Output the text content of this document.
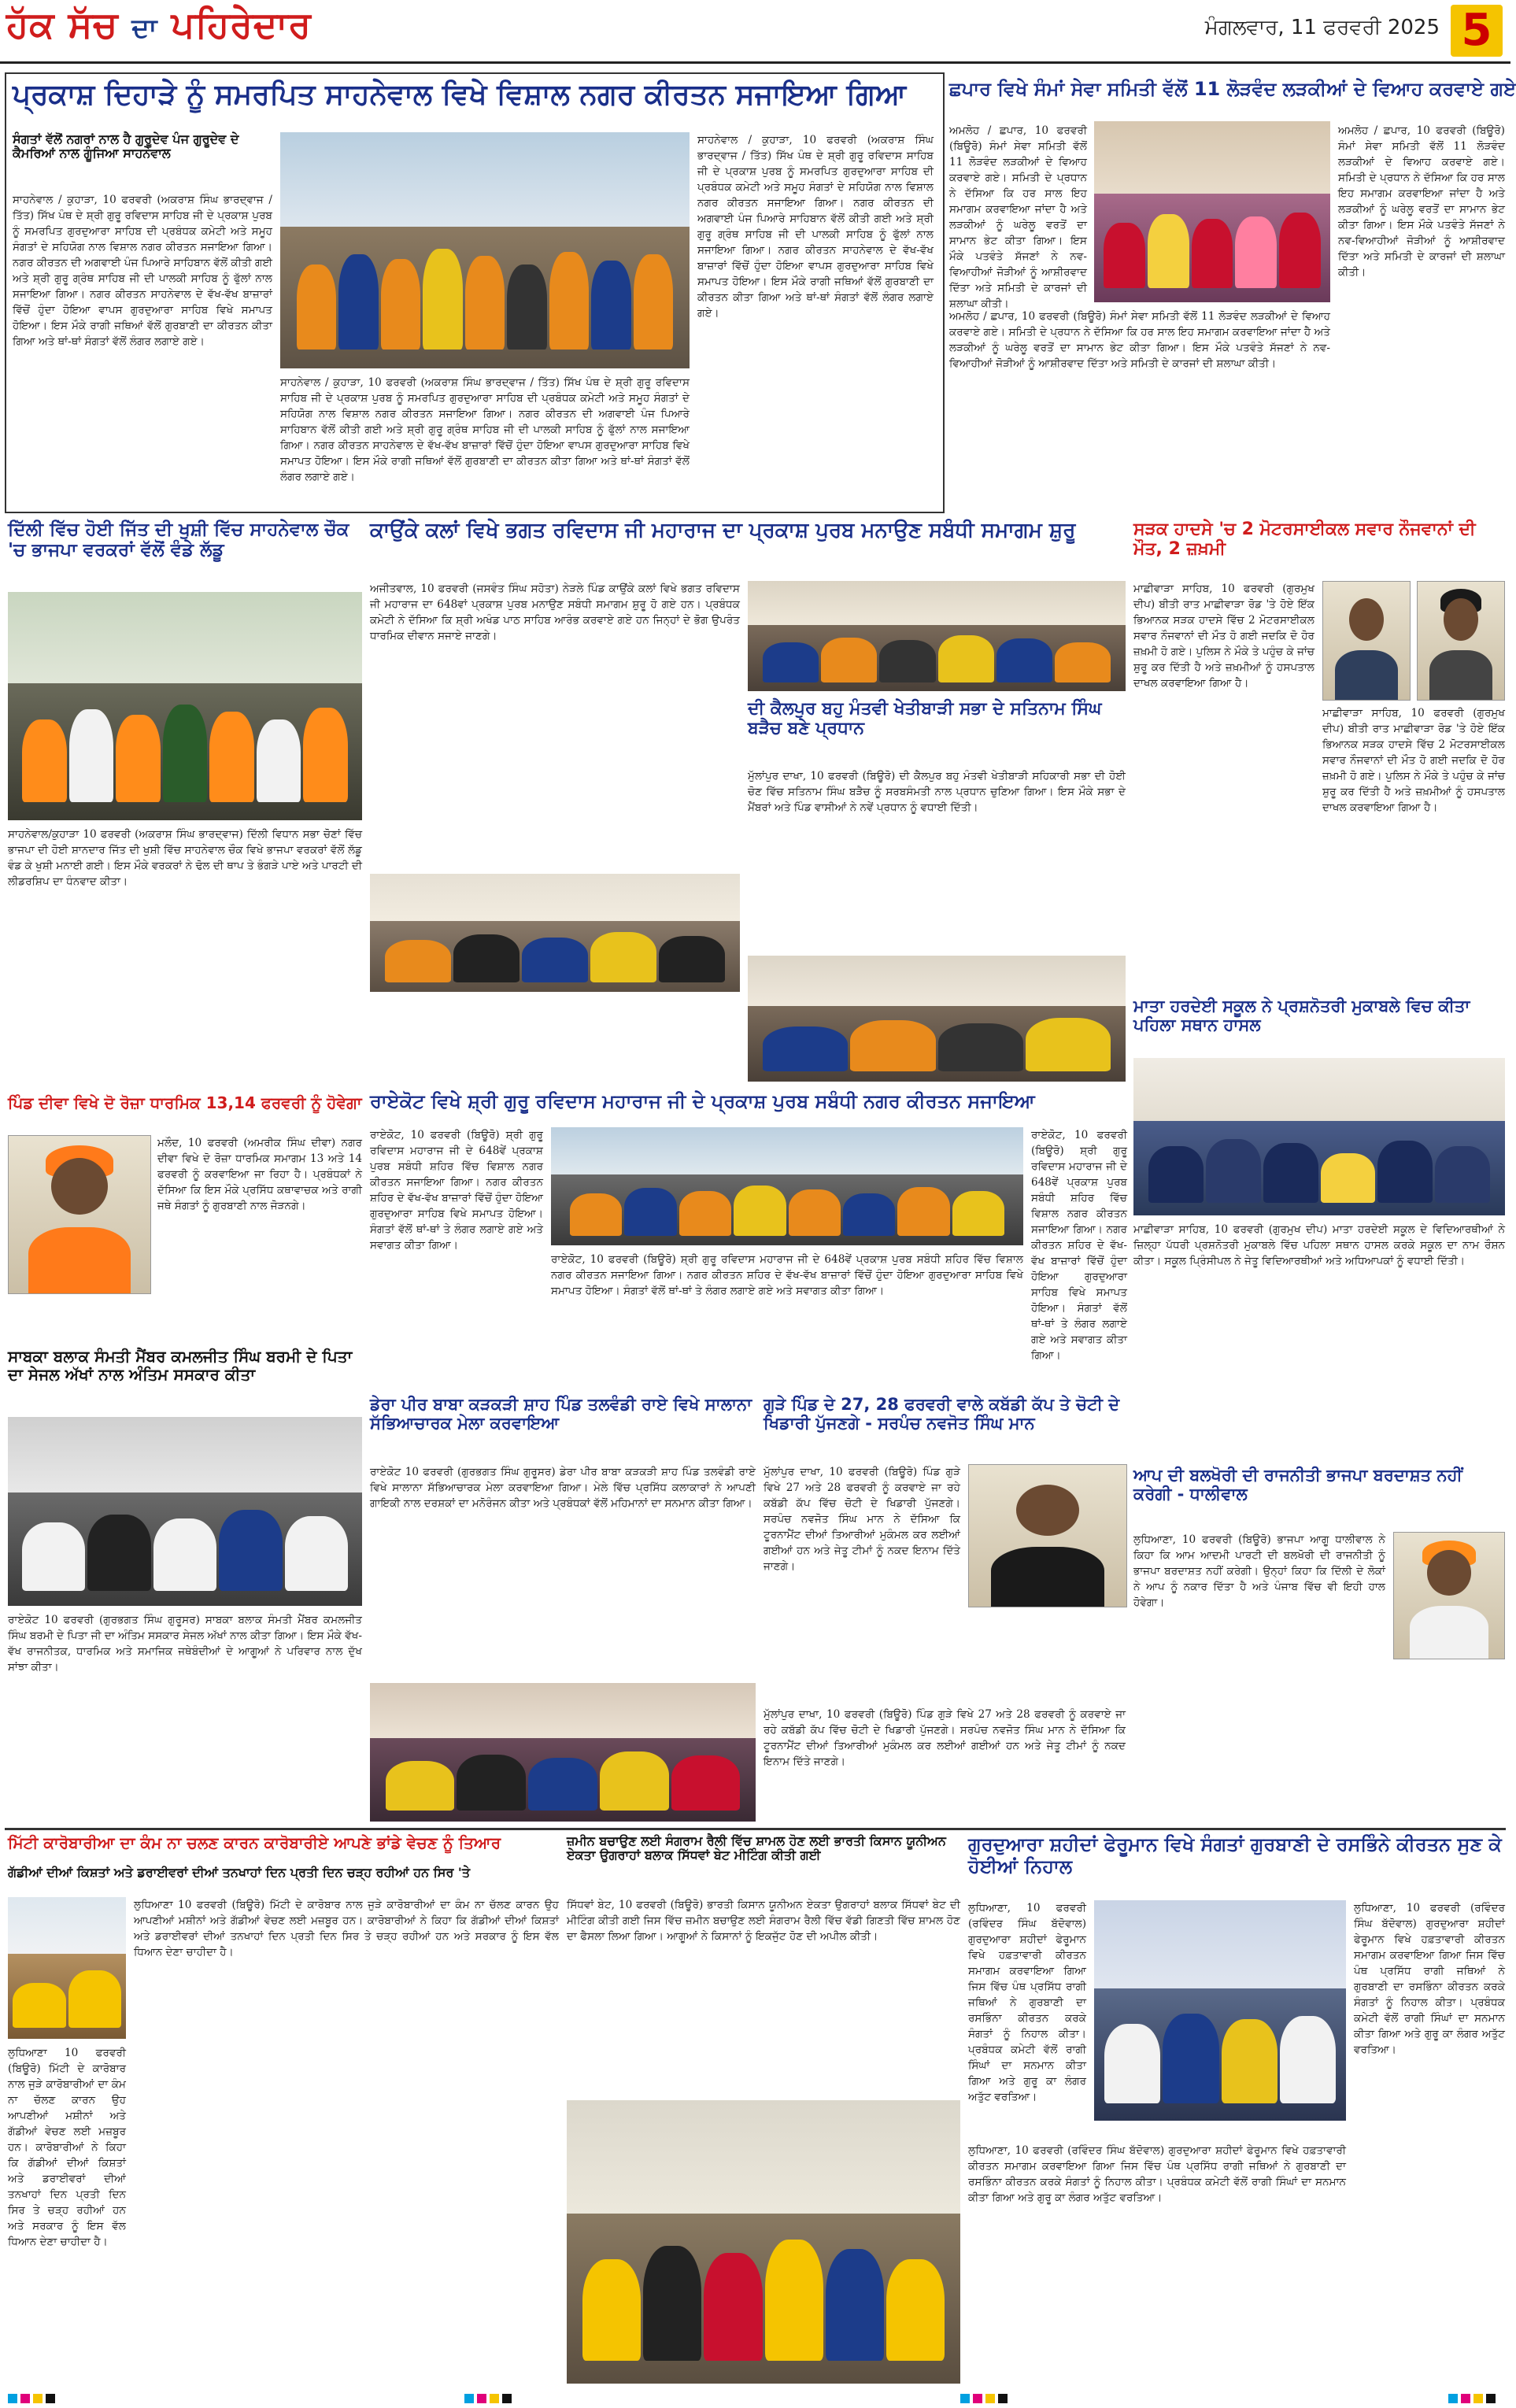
ਹੱਕ ਸੱਚ ਦਾ ਪਹਿਰੇਦਾਰ	ਮੰਗਲਵਾਰ, 11 ਫਰਵਰੀ 2025 5
ਪ੍ਰਕਾਸ਼ ਦਿਹਾੜੇ ਨੂੰ ਸਮਰਪਿਤ ਸਾਹਨੇਵਾਲ ਵਿਖੇ ਵਿਸ਼ਾਲ ਨਗਰ ਕੀਰਤਨ ਸਜਾਇਆ ਗਿਆ
ਸੰਗਤਾਂ ਵੱਲੋਂ ਨਗਰਾਂ ਨਾਲ ਹੈ ਗੁਰੂਦੇਵ ਪੰਜ ਗੁਰੂਦੇਵ ਦੇ ਕੈਮਰਿਆਂ ਨਾਲ ਗੂੰਜਿਆ ਸਾਹਨੇਵਾਲ
ਸਾਹਨੇਵਾਲ / ਕੁਹਾੜਾ, 10 ਫਰਵਰੀ (ਅਕਰਾਸ਼ ਸਿੰਘ ਭਾਰਦ੍ਵਾਜ / ਤਿੱਤ) ਸਿੱਖ ਪੰਥ ਦੇ ਸ਼੍ਰੀ ਗੁਰੂ ਰਵਿਦਾਸ ਸਾਹਿਬ ਜੀ ਦੇ ਪ੍ਰਕਾਸ਼ ਪੁਰਬ ਨੂੰ ਸਮਰਪਿਤ ਗੁਰਦੁਆਰਾ ਸਾਹਿਬ ਦੀ ਪ੍ਰਬੰਧਕ ਕਮੇਟੀ ਅਤੇ ਸਮੂਹ ਸੰਗਤਾਂ ਦੇ ਸਹਿਯੋਗ ਨਾਲ ਵਿਸ਼ਾਲ ਨਗਰ ਕੀਰਤਨ ਸਜਾਇਆ ਗਿਆ। ਨਗਰ ਕੀਰਤਨ ਦੀ ਅਗਵਾਈ ਪੰਜ ਪਿਆਰੇ ਸਾਹਿਬਾਨ ਵੱਲੋਂ ਕੀਤੀ ਗਈ ਅਤੇ ਸ਼੍ਰੀ ਗੁਰੂ ਗ੍ਰੰਥ ਸਾਹਿਬ ਜੀ ਦੀ ਪਾਲਕੀ ਸਾਹਿਬ ਨੂੰ ਫੁੱਲਾਂ ਨਾਲ ਸਜਾਇਆ ਗਿਆ। ਨਗਰ ਕੀਰਤਨ ਸਾਹਨੇਵਾਲ ਦੇ ਵੱਖ-ਵੱਖ ਬਾਜ਼ਾਰਾਂ ਵਿੱਚੋਂ ਹੁੰਦਾ ਹੋਇਆ ਵਾਪਸ ਗੁਰਦੁਆਰਾ ਸਾਹਿਬ ਵਿਖੇ ਸਮਾਪਤ ਹੋਇਆ। ਇਸ ਮੌਕੇ ਰਾਗੀ ਜਥਿਆਂ ਵੱਲੋਂ ਗੁਰਬਾਣੀ ਦਾ ਕੀਰਤਨ ਕੀਤਾ ਗਿਆ ਅਤੇ ਥਾਂ-ਥਾਂ ਸੰਗਤਾਂ ਵੱਲੋਂ ਲੰਗਰ ਲਗਾਏ ਗਏ।
ਸਾਹਨੇਵਾਲ / ਕੁਹਾੜਾ, 10 ਫਰਵਰੀ (ਅਕਰਾਸ਼ ਸਿੰਘ ਭਾਰਦ੍ਵਾਜ / ਤਿੱਤ) ਸਿੱਖ ਪੰਥ ਦੇ ਸ਼੍ਰੀ ਗੁਰੂ ਰਵਿਦਾਸ ਸਾਹਿਬ ਜੀ ਦੇ ਪ੍ਰਕਾਸ਼ ਪੁਰਬ ਨੂੰ ਸਮਰਪਿਤ ਗੁਰਦੁਆਰਾ ਸਾਹਿਬ ਦੀ ਪ੍ਰਬੰਧਕ ਕਮੇਟੀ ਅਤੇ ਸਮੂਹ ਸੰਗਤਾਂ ਦੇ ਸਹਿਯੋਗ ਨਾਲ ਵਿਸ਼ਾਲ ਨਗਰ ਕੀਰਤਨ ਸਜਾਇਆ ਗਿਆ। ਨਗਰ ਕੀਰਤਨ ਦੀ ਅਗਵਾਈ ਪੰਜ ਪਿਆਰੇ ਸਾਹਿਬਾਨ ਵੱਲੋਂ ਕੀਤੀ ਗਈ ਅਤੇ ਸ਼੍ਰੀ ਗੁਰੂ ਗ੍ਰੰਥ ਸਾਹਿਬ ਜੀ ਦੀ ਪਾਲਕੀ ਸਾਹਿਬ ਨੂੰ ਫੁੱਲਾਂ ਨਾਲ ਸਜਾਇਆ ਗਿਆ। ਨਗਰ ਕੀਰਤਨ ਸਾਹਨੇਵਾਲ ਦੇ ਵੱਖ-ਵੱਖ ਬਾਜ਼ਾਰਾਂ ਵਿੱਚੋਂ ਹੁੰਦਾ ਹੋਇਆ ਵਾਪਸ ਗੁਰਦੁਆਰਾ ਸਾਹਿਬ ਵਿਖੇ ਸਮਾਪਤ ਹੋਇਆ। ਇਸ ਮੌਕੇ ਰਾਗੀ ਜਥਿਆਂ ਵੱਲੋਂ ਗੁਰਬਾਣੀ ਦਾ ਕੀਰਤਨ ਕੀਤਾ ਗਿਆ ਅਤੇ ਥਾਂ-ਥਾਂ ਸੰਗਤਾਂ ਵੱਲੋਂ ਲੰਗਰ ਲਗਾਏ ਗਏ।
ਸਾਹਨੇਵਾਲ / ਕੁਹਾੜਾ, 10 ਫਰਵਰੀ (ਅਕਰਾਸ਼ ਸਿੰਘ ਭਾਰਦ੍ਵਾਜ / ਤਿੱਤ) ਸਿੱਖ ਪੰਥ ਦੇ ਸ਼੍ਰੀ ਗੁਰੂ ਰਵਿਦਾਸ ਸਾਹਿਬ ਜੀ ਦੇ ਪ੍ਰਕਾਸ਼ ਪੁਰਬ ਨੂੰ ਸਮਰਪਿਤ ਗੁਰਦੁਆਰਾ ਸਾਹਿਬ ਦੀ ਪ੍ਰਬੰਧਕ ਕਮੇਟੀ ਅਤੇ ਸਮੂਹ ਸੰਗਤਾਂ ਦੇ ਸਹਿਯੋਗ ਨਾਲ ਵਿਸ਼ਾਲ ਨਗਰ ਕੀਰਤਨ ਸਜਾਇਆ ਗਿਆ। ਨਗਰ ਕੀਰਤਨ ਦੀ ਅਗਵਾਈ ਪੰਜ ਪਿਆਰੇ ਸਾਹਿਬਾਨ ਵੱਲੋਂ ਕੀਤੀ ਗਈ ਅਤੇ ਸ਼੍ਰੀ ਗੁਰੂ ਗ੍ਰੰਥ ਸਾਹਿਬ ਜੀ ਦੀ ਪਾਲਕੀ ਸਾਹਿਬ ਨੂੰ ਫੁੱਲਾਂ ਨਾਲ ਸਜਾਇਆ ਗਿਆ। ਨਗਰ ਕੀਰਤਨ ਸਾਹਨੇਵਾਲ ਦੇ ਵੱਖ-ਵੱਖ ਬਾਜ਼ਾਰਾਂ ਵਿੱਚੋਂ ਹੁੰਦਾ ਹੋਇਆ ਵਾਪਸ ਗੁਰਦੁਆਰਾ ਸਾਹਿਬ ਵਿਖੇ ਸਮਾਪਤ ਹੋਇਆ। ਇਸ ਮੌਕੇ ਰਾਗੀ ਜਥਿਆਂ ਵੱਲੋਂ ਗੁਰਬਾਣੀ ਦਾ ਕੀਰਤਨ ਕੀਤਾ ਗਿਆ ਅਤੇ ਥਾਂ-ਥਾਂ ਸੰਗਤਾਂ ਵੱਲੋਂ ਲੰਗਰ ਲਗਾਏ ਗਏ।
ਛਪਾਰ ਵਿਖੇ ਸੰਮਾਂ ਸੇਵਾ ਸਮਿਤੀ ਵੱਲੋਂ 11 ਲੋੜਵੰਦ ਲੜਕੀਆਂ ਦੇ ਵਿਆਹ ਕਰਵਾਏ ਗਏ
ਅਮਲੋਹ / ਛਪਾਰ, 10 ਫਰਵਰੀ (ਬਿਊਰੋ) ਸੰਮਾਂ ਸੇਵਾ ਸਮਿਤੀ ਵੱਲੋਂ 11 ਲੋੜਵੰਦ ਲੜਕੀਆਂ ਦੇ ਵਿਆਹ ਕਰਵਾਏ ਗਏ। ਸਮਿਤੀ ਦੇ ਪ੍ਰਧਾਨ ਨੇ ਦੱਸਿਆ ਕਿ ਹਰ ਸਾਲ ਇਹ ਸਮਾਗਮ ਕਰਵਾਇਆ ਜਾਂਦਾ ਹੈ ਅਤੇ ਲੜਕੀਆਂ ਨੂੰ ਘਰੇਲੂ ਵਰਤੋਂ ਦਾ ਸਾਮਾਨ ਭੇਟ ਕੀਤਾ ਗਿਆ। ਇਸ ਮੌਕੇ ਪਤਵੰਤੇ ਸੱਜਣਾਂ ਨੇ ਨਵ-ਵਿਆਹੀਆਂ ਜੋੜੀਆਂ ਨੂੰ ਆਸ਼ੀਰਵਾਦ ਦਿੱਤਾ ਅਤੇ ਸਮਿਤੀ ਦੇ ਕਾਰਜਾਂ ਦੀ ਸ਼ਲਾਘਾ ਕੀਤੀ।
ਅਮਲੋਹ / ਛਪਾਰ, 10 ਫਰਵਰੀ (ਬਿਊਰੋ) ਸੰਮਾਂ ਸੇਵਾ ਸਮਿਤੀ ਵੱਲੋਂ 11 ਲੋੜਵੰਦ ਲੜਕੀਆਂ ਦੇ ਵਿਆਹ ਕਰਵਾਏ ਗਏ। ਸਮਿਤੀ ਦੇ ਪ੍ਰਧਾਨ ਨੇ ਦੱਸਿਆ ਕਿ ਹਰ ਸਾਲ ਇਹ ਸਮਾਗਮ ਕਰਵਾਇਆ ਜਾਂਦਾ ਹੈ ਅਤੇ ਲੜਕੀਆਂ ਨੂੰ ਘਰੇਲੂ ਵਰਤੋਂ ਦਾ ਸਾਮਾਨ ਭੇਟ ਕੀਤਾ ਗਿਆ। ਇਸ ਮੌਕੇ ਪਤਵੰਤੇ ਸੱਜਣਾਂ ਨੇ ਨਵ-ਵਿਆਹੀਆਂ ਜੋੜੀਆਂ ਨੂੰ ਆਸ਼ੀਰਵਾਦ ਦਿੱਤਾ ਅਤੇ ਸਮਿਤੀ ਦੇ ਕਾਰਜਾਂ ਦੀ ਸ਼ਲਾਘਾ ਕੀਤੀ।
ਅਮਲੋਹ / ਛਪਾਰ, 10 ਫਰਵਰੀ (ਬਿਊਰੋ) ਸੰਮਾਂ ਸੇਵਾ ਸਮਿਤੀ ਵੱਲੋਂ 11 ਲੋੜਵੰਦ ਲੜਕੀਆਂ ਦੇ ਵਿਆਹ ਕਰਵਾਏ ਗਏ। ਸਮਿਤੀ ਦੇ ਪ੍ਰਧਾਨ ਨੇ ਦੱਸਿਆ ਕਿ ਹਰ ਸਾਲ ਇਹ ਸਮਾਗਮ ਕਰਵਾਇਆ ਜਾਂਦਾ ਹੈ ਅਤੇ ਲੜਕੀਆਂ ਨੂੰ ਘਰੇਲੂ ਵਰਤੋਂ ਦਾ ਸਾਮਾਨ ਭੇਟ ਕੀਤਾ ਗਿਆ। ਇਸ ਮੌਕੇ ਪਤਵੰਤੇ ਸੱਜਣਾਂ ਨੇ ਨਵ-ਵਿਆਹੀਆਂ ਜੋੜੀਆਂ ਨੂੰ ਆਸ਼ੀਰਵਾਦ ਦਿੱਤਾ ਅਤੇ ਸਮਿਤੀ ਦੇ ਕਾਰਜਾਂ ਦੀ ਸ਼ਲਾਘਾ ਕੀਤੀ।
ਦਿੱਲੀ ਵਿੱਚ ਹੋਈ ਜਿੱਤ ਦੀ ਖੁਸ਼ੀ ਵਿੱਚ ਸਾਹਨੇਵਾਲ ਚੌਕ 'ਚ ਭਾਜਪਾ ਵਰਕਰਾਂ ਵੱਲੋਂ ਵੰਡੇ ਲੱਡੂ
ਸਾਹਨੇਵਾਲ/ਕੁਹਾੜਾ 10 ਫਰਵਰੀ (ਅਕਰਾਸ਼ ਸਿੰਘ ਭਾਰਦ੍ਵਾਜ) ਦਿੱਲੀ ਵਿਧਾਨ ਸਭਾ ਚੋਣਾਂ ਵਿੱਚ ਭਾਜਪਾ ਦੀ ਹੋਈ ਸ਼ਾਨਦਾਰ ਜਿੱਤ ਦੀ ਖੁਸ਼ੀ ਵਿੱਚ ਸਾਹਨੇਵਾਲ ਚੌਕ ਵਿਖੇ ਭਾਜਪਾ ਵਰਕਰਾਂ ਵੱਲੋਂ ਲੱਡੂ ਵੰਡ ਕੇ ਖੁਸ਼ੀ ਮਨਾਈ ਗਈ। ਇਸ ਮੌਕੇ ਵਰਕਰਾਂ ਨੇ ਢੋਲ ਦੀ ਥਾਪ ਤੇ ਭੰਗੜੇ ਪਾਏ ਅਤੇ ਪਾਰਟੀ ਦੀ ਲੀਡਰਸ਼ਿਪ ਦਾ ਧੰਨਵਾਦ ਕੀਤਾ।
ਕਾਉਂਕੇ ਕਲਾਂ ਵਿਖੇ ਭਗਤ ਰਵਿਦਾਸ ਜੀ ਮਹਾਰਾਜ ਦਾ ਪ੍ਰਕਾਸ਼ ਪੁਰਬ ਮਨਾਉਣ ਸਬੰਧੀ ਸਮਾਗਮ ਸ਼ੁਰੂ
ਅਜੀਤਵਾਲ, 10 ਫਰਵਰੀ (ਜਸਵੰਤ ਸਿੰਘ ਸਹੋਤਾ) ਨੇੜਲੇ ਪਿੰਡ ਕਾਉਂਕੇ ਕਲਾਂ ਵਿਖੇ ਭਗਤ ਰਵਿਦਾਸ ਜੀ ਮਹਾਰਾਜ ਦਾ 648ਵਾਂ ਪ੍ਰਕਾਸ਼ ਪੁਰਬ ਮਨਾਉਣ ਸਬੰਧੀ ਸਮਾਗਮ ਸ਼ੁਰੂ ਹੋ ਗਏ ਹਨ। ਪ੍ਰਬੰਧਕ ਕਮੇਟੀ ਨੇ ਦੱਸਿਆ ਕਿ ਸ਼੍ਰੀ ਅਖੰਡ ਪਾਠ ਸਾਹਿਬ ਆਰੰਭ ਕਰਵਾਏ ਗਏ ਹਨ ਜਿਨ੍ਹਾਂ ਦੇ ਭੋਗ ਉਪਰੰਤ ਧਾਰਮਿਕ ਦੀਵਾਨ ਸਜਾਏ ਜਾਣਗੇ।
ਦੀ ਕੈਲਪੁਰ ਬਹੁ ਮੰਤਵੀ ਖੇਤੀਬਾੜੀ ਸਭਾ ਦੇ ਸਤਿਨਾਮ ਸਿੰਘ ਬੜੈਚ ਬਣੇ ਪ੍ਰਧਾਨ
ਮੁੱਲਾਂਪੁਰ ਦਾਖਾ, 10 ਫਰਵਰੀ (ਬਿਊਰੋ) ਦੀ ਕੈਲਪੁਰ ਬਹੁ ਮੰਤਵੀ ਖੇਤੀਬਾੜੀ ਸਹਿਕਾਰੀ ਸਭਾ ਦੀ ਹੋਈ ਚੋਣ ਵਿੱਚ ਸਤਿਨਾਮ ਸਿੰਘ ਬੜੈਚ ਨੂੰ ਸਰਬਸੰਮਤੀ ਨਾਲ ਪ੍ਰਧਾਨ ਚੁਣਿਆ ਗਿਆ। ਇਸ ਮੌਕੇ ਸਭਾ ਦੇ ਮੈਂਬਰਾਂ ਅਤੇ ਪਿੰਡ ਵਾਸੀਆਂ ਨੇ ਨਵੇਂ ਪ੍ਰਧਾਨ ਨੂੰ ਵਧਾਈ ਦਿੱਤੀ।
ਸੜਕ ਹਾਦਸੇ 'ਚ 2 ਮੋਟਰਸਾਈਕਲ ਸਵਾਰ ਨੌਜਵਾਨਾਂ ਦੀ ਮੌਤ, 2 ਜ਼ਖ਼ਮੀ
ਮਾਛੀਵਾੜਾ ਸਾਹਿਬ, 10 ਫਰਵਰੀ (ਗੁਰਮੁਖ ਦੀਪ) ਬੀਤੀ ਰਾਤ ਮਾਛੀਵਾੜਾ ਰੋਡ 'ਤੇ ਹੋਏ ਇੱਕ ਭਿਆਨਕ ਸੜਕ ਹਾਦਸੇ ਵਿੱਚ 2 ਮੋਟਰਸਾਈਕਲ ਸਵਾਰ ਨੌਜਵਾਨਾਂ ਦੀ ਮੌਤ ਹੋ ਗਈ ਜਦਕਿ ਦੋ ਹੋਰ ਜ਼ਖ਼ਮੀ ਹੋ ਗਏ। ਪੁਲਿਸ ਨੇ ਮੌਕੇ ਤੇ ਪਹੁੰਚ ਕੇ ਜਾਂਚ ਸ਼ੁਰੂ ਕਰ ਦਿੱਤੀ ਹੈ ਅਤੇ ਜ਼ਖ਼ਮੀਆਂ ਨੂੰ ਹਸਪਤਾਲ ਦਾਖਲ ਕਰਵਾਇਆ ਗਿਆ ਹੈ।
ਮਾਛੀਵਾੜਾ ਸਾਹਿਬ, 10 ਫਰਵਰੀ (ਗੁਰਮੁਖ ਦੀਪ) ਬੀਤੀ ਰਾਤ ਮਾਛੀਵਾੜਾ ਰੋਡ 'ਤੇ ਹੋਏ ਇੱਕ ਭਿਆਨਕ ਸੜਕ ਹਾਦਸੇ ਵਿੱਚ 2 ਮੋਟਰਸਾਈਕਲ ਸਵਾਰ ਨੌਜਵਾਨਾਂ ਦੀ ਮੌਤ ਹੋ ਗਈ ਜਦਕਿ ਦੋ ਹੋਰ ਜ਼ਖ਼ਮੀ ਹੋ ਗਏ। ਪੁਲਿਸ ਨੇ ਮੌਕੇ ਤੇ ਪਹੁੰਚ ਕੇ ਜਾਂਚ ਸ਼ੁਰੂ ਕਰ ਦਿੱਤੀ ਹੈ ਅਤੇ ਜ਼ਖ਼ਮੀਆਂ ਨੂੰ ਹਸਪਤਾਲ ਦਾਖਲ ਕਰਵਾਇਆ ਗਿਆ ਹੈ।
ਮਾਤਾ ਹਰਦੇਈ ਸਕੂਲ ਨੇ ਪ੍ਰਸ਼ਨੋਤਰੀ ਮੁਕਾਬਲੇ ਵਿਚ ਕੀਤਾ ਪਹਿਲਾ ਸਥਾਨ ਹਾਸਲ
ਮਾਛੀਵਾੜਾ ਸਾਹਿਬ, 10 ਫਰਵਰੀ (ਗੁਰਮੁਖ ਦੀਪ) ਮਾਤਾ ਹਰਦੇਈ ਸਕੂਲ ਦੇ ਵਿਦਿਆਰਥੀਆਂ ਨੇ ਜ਼ਿਲ੍ਹਾ ਪੱਧਰੀ ਪ੍ਰਸ਼ਨੋਤਰੀ ਮੁਕਾਬਲੇ ਵਿੱਚ ਪਹਿਲਾ ਸਥਾਨ ਹਾਸਲ ਕਰਕੇ ਸਕੂਲ ਦਾ ਨਾਮ ਰੌਸ਼ਨ ਕੀਤਾ। ਸਕੂਲ ਪ੍ਰਿੰਸੀਪਲ ਨੇ ਜੇਤੂ ਵਿਦਿਆਰਥੀਆਂ ਅਤੇ ਅਧਿਆਪਕਾਂ ਨੂੰ ਵਧਾਈ ਦਿੱਤੀ।
ਰਾਏਕੋਟ ਵਿਖੇ ਸ਼੍ਰੀ ਗੁਰੂ ਰਵਿਦਾਸ ਮਹਾਰਾਜ ਜੀ ਦੇ ਪ੍ਰਕਾਸ਼ ਪੁਰਬ ਸਬੰਧੀ ਨਗਰ ਕੀਰਤਨ ਸਜਾਇਆ
ਰਾਏਕੋਟ, 10 ਫਰਵਰੀ (ਬਿਊਰੋ) ਸ਼੍ਰੀ ਗੁਰੂ ਰਵਿਦਾਸ ਮਹਾਰਾਜ ਜੀ ਦੇ 648ਵੇਂ ਪ੍ਰਕਾਸ਼ ਪੁਰਬ ਸਬੰਧੀ ਸ਼ਹਿਰ ਵਿੱਚ ਵਿਸ਼ਾਲ ਨਗਰ ਕੀਰਤਨ ਸਜਾਇਆ ਗਿਆ। ਨਗਰ ਕੀਰਤਨ ਸ਼ਹਿਰ ਦੇ ਵੱਖ-ਵੱਖ ਬਾਜ਼ਾਰਾਂ ਵਿੱਚੋਂ ਹੁੰਦਾ ਹੋਇਆ ਗੁਰਦੁਆਰਾ ਸਾਹਿਬ ਵਿਖੇ ਸਮਾਪਤ ਹੋਇਆ। ਸੰਗਤਾਂ ਵੱਲੋਂ ਥਾਂ-ਥਾਂ ਤੇ ਲੰਗਰ ਲਗਾਏ ਗਏ ਅਤੇ ਸਵਾਗਤ ਕੀਤਾ ਗਿਆ।
ਰਾਏਕੋਟ, 10 ਫਰਵਰੀ (ਬਿਊਰੋ) ਸ਼੍ਰੀ ਗੁਰੂ ਰਵਿਦਾਸ ਮਹਾਰਾਜ ਜੀ ਦੇ 648ਵੇਂ ਪ੍ਰਕਾਸ਼ ਪੁਰਬ ਸਬੰਧੀ ਸ਼ਹਿਰ ਵਿੱਚ ਵਿਸ਼ਾਲ ਨਗਰ ਕੀਰਤਨ ਸਜਾਇਆ ਗਿਆ। ਨਗਰ ਕੀਰਤਨ ਸ਼ਹਿਰ ਦੇ ਵੱਖ-ਵੱਖ ਬਾਜ਼ਾਰਾਂ ਵਿੱਚੋਂ ਹੁੰਦਾ ਹੋਇਆ ਗੁਰਦੁਆਰਾ ਸਾਹਿਬ ਵਿਖੇ ਸਮਾਪਤ ਹੋਇਆ। ਸੰਗਤਾਂ ਵੱਲੋਂ ਥਾਂ-ਥਾਂ ਤੇ ਲੰਗਰ ਲਗਾਏ ਗਏ ਅਤੇ ਸਵਾਗਤ ਕੀਤਾ ਗਿਆ।
ਰਾਏਕੋਟ, 10 ਫਰਵਰੀ (ਬਿਊਰੋ) ਸ਼੍ਰੀ ਗੁਰੂ ਰਵਿਦਾਸ ਮਹਾਰਾਜ ਜੀ ਦੇ 648ਵੇਂ ਪ੍ਰਕਾਸ਼ ਪੁਰਬ ਸਬੰਧੀ ਸ਼ਹਿਰ ਵਿੱਚ ਵਿਸ਼ਾਲ ਨਗਰ ਕੀਰਤਨ ਸਜਾਇਆ ਗਿਆ। ਨਗਰ ਕੀਰਤਨ ਸ਼ਹਿਰ ਦੇ ਵੱਖ-ਵੱਖ ਬਾਜ਼ਾਰਾਂ ਵਿੱਚੋਂ ਹੁੰਦਾ ਹੋਇਆ ਗੁਰਦੁਆਰਾ ਸਾਹਿਬ ਵਿਖੇ ਸਮਾਪਤ ਹੋਇਆ। ਸੰਗਤਾਂ ਵੱਲੋਂ ਥਾਂ-ਥਾਂ ਤੇ ਲੰਗਰ ਲਗਾਏ ਗਏ ਅਤੇ ਸਵਾਗਤ ਕੀਤਾ ਗਿਆ।
ਪਿੰਡ ਦੀਵਾ ਵਿਖੇ ਦੋ ਰੋਜ਼ਾ ਧਾਰਮਿਕ 13,14 ਫਰਵਰੀ ਨੂੰ ਹੋਵੇਗਾ
ਮਲੌਦ, 10 ਫਰਵਰੀ (ਅਮਰੀਕ ਸਿੰਘ ਦੀਵਾ) ਨਗਰ ਦੀਵਾ ਵਿਖੇ ਦੋ ਰੋਜ਼ਾ ਧਾਰਮਿਕ ਸਮਾਗਮ 13 ਅਤੇ 14 ਫਰਵਰੀ ਨੂੰ ਕਰਵਾਇਆ ਜਾ ਰਿਹਾ ਹੈ। ਪ੍ਰਬੰਧਕਾਂ ਨੇ ਦੱਸਿਆ ਕਿ ਇਸ ਮੌਕੇ ਪ੍ਰਸਿੱਧ ਕਥਾਵਾਚਕ ਅਤੇ ਰਾਗੀ ਜਥੇ ਸੰਗਤਾਂ ਨੂੰ ਗੁਰਬਾਣੀ ਨਾਲ ਜੋੜਨਗੇ।
ਸਾਬਕਾ ਬਲਾਕ ਸੰਮਤੀ ਮੈਂਬਰ ਕਮਲਜੀਤ ਸਿੰਘ ਬਰਮੀ ਦੇ ਪਿਤਾ ਦਾ ਸੇਜਲ ਅੱਖਾਂ ਨਾਲ ਅੰਤਿਮ ਸਸਕਾਰ ਕੀਤਾ
ਰਾਏਕੋਟ 10 ਫਰਵਰੀ (ਗੁਰਭਗਤ ਸਿੰਘ ਗੁਰੂਸਰ) ਸਾਬਕਾ ਬਲਾਕ ਸੰਮਤੀ ਮੈਂਬਰ ਕਮਲਜੀਤ ਸਿੰਘ ਬਰਮੀ ਦੇ ਪਿਤਾ ਜੀ ਦਾ ਅੰਤਿਮ ਸਸਕਾਰ ਸੇਜਲ ਅੱਖਾਂ ਨਾਲ ਕੀਤਾ ਗਿਆ। ਇਸ ਮੌਕੇ ਵੱਖ-ਵੱਖ ਰਾਜਨੀਤਕ, ਧਾਰਮਿਕ ਅਤੇ ਸਮਾਜਿਕ ਜਥੇਬੰਦੀਆਂ ਦੇ ਆਗੂਆਂ ਨੇ ਪਰਿਵਾਰ ਨਾਲ ਦੁੱਖ ਸਾਂਝਾ ਕੀਤਾ।
ਗੁੜੇ ਪਿੰਡ ਦੇ 27, 28 ਫਰਵਰੀ ਵਾਲੇ ਕਬੱਡੀ ਕੱਪ ਤੇ ਚੋਟੀ ਦੇ ਖਿਡਾਰੀ ਪੁੱਜਣਗੇ - ਸਰਪੰਚ ਨਵਜੋਤ ਸਿੰਘ ਮਾਨ
ਮੁੱਲਾਂਪੁਰ ਦਾਖਾ, 10 ਫਰਵਰੀ (ਬਿਊਰੋ) ਪਿੰਡ ਗੁੜੇ ਵਿਖੇ 27 ਅਤੇ 28 ਫਰਵਰੀ ਨੂੰ ਕਰਵਾਏ ਜਾ ਰਹੇ ਕਬੱਡੀ ਕੱਪ ਵਿੱਚ ਚੋਟੀ ਦੇ ਖਿਡਾਰੀ ਪੁੱਜਣਗੇ। ਸਰਪੰਚ ਨਵਜੋਤ ਸਿੰਘ ਮਾਨ ਨੇ ਦੱਸਿਆ ਕਿ ਟੂਰਨਾਮੈਂਟ ਦੀਆਂ ਤਿਆਰੀਆਂ ਮੁਕੰਮਲ ਕਰ ਲਈਆਂ ਗਈਆਂ ਹਨ ਅਤੇ ਜੇਤੂ ਟੀਮਾਂ ਨੂੰ ਨਕਦ ਇਨਾਮ ਦਿੱਤੇ ਜਾਣਗੇ।
ਮੁੱਲਾਂਪੁਰ ਦਾਖਾ, 10 ਫਰਵਰੀ (ਬਿਊਰੋ) ਪਿੰਡ ਗੁੜੇ ਵਿਖੇ 27 ਅਤੇ 28 ਫਰਵਰੀ ਨੂੰ ਕਰਵਾਏ ਜਾ ਰਹੇ ਕਬੱਡੀ ਕੱਪ ਵਿੱਚ ਚੋਟੀ ਦੇ ਖਿਡਾਰੀ ਪੁੱਜਣਗੇ। ਸਰਪੰਚ ਨਵਜੋਤ ਸਿੰਘ ਮਾਨ ਨੇ ਦੱਸਿਆ ਕਿ ਟੂਰਨਾਮੈਂਟ ਦੀਆਂ ਤਿਆਰੀਆਂ ਮੁਕੰਮਲ ਕਰ ਲਈਆਂ ਗਈਆਂ ਹਨ ਅਤੇ ਜੇਤੂ ਟੀਮਾਂ ਨੂੰ ਨਕਦ ਇਨਾਮ ਦਿੱਤੇ ਜਾਣਗੇ।
ਡੇਰਾ ਪੀਰ ਬਾਬਾ ਕੜਕੜੀ ਸ਼ਾਹ ਪਿੰਡ ਤਲਵੰਡੀ ਰਾਏ ਵਿਖੇ ਸਾਲਾਨਾ ਸੱਭਿਆਚਾਰਕ ਮੇਲਾ ਕਰਵਾਇਆ
ਰਾਏਕੋਟ 10 ਫਰਵਰੀ (ਗੁਰਭਗਤ ਸਿੰਘ ਗੁਰੂਸਰ) ਡੇਰਾ ਪੀਰ ਬਾਬਾ ਕੜਕੜੀ ਸ਼ਾਹ ਪਿੰਡ ਤਲਵੰਡੀ ਰਾਏ ਵਿਖੇ ਸਾਲਾਨਾ ਸੱਭਿਆਚਾਰਕ ਮੇਲਾ ਕਰਵਾਇਆ ਗਿਆ। ਮੇਲੇ ਵਿੱਚ ਪ੍ਰਸਿੱਧ ਕਲਾਕਾਰਾਂ ਨੇ ਆਪਣੀ ਗਾਇਕੀ ਨਾਲ ਦਰਸ਼ਕਾਂ ਦਾ ਮਨੋਰੰਜਨ ਕੀਤਾ ਅਤੇ ਪ੍ਰਬੰਧਕਾਂ ਵੱਲੋਂ ਮਹਿਮਾਨਾਂ ਦਾ ਸਨਮਾਨ ਕੀਤਾ ਗਿਆ।
ਆਪ ਦੀ ਬਲਖੋਰੀ ਦੀ ਰਾਜਨੀਤੀ ਭਾਜਪਾ ਬਰਦਾਸ਼ਤ ਨਹੀਂ ਕਰੇਗੀ - ਧਾਲੀਵਾਲ
ਲੁਧਿਆਣਾ, 10 ਫਰਵਰੀ (ਬਿਊਰੋ) ਭਾਜਪਾ ਆਗੂ ਧਾਲੀਵਾਲ ਨੇ ਕਿਹਾ ਕਿ ਆਮ ਆਦਮੀ ਪਾਰਟੀ ਦੀ ਬਲਖੋਰੀ ਦੀ ਰਾਜਨੀਤੀ ਨੂੰ ਭਾਜਪਾ ਬਰਦਾਸ਼ਤ ਨਹੀਂ ਕਰੇਗੀ। ਉਨ੍ਹਾਂ ਕਿਹਾ ਕਿ ਦਿੱਲੀ ਦੇ ਲੋਕਾਂ ਨੇ ਆਪ ਨੂੰ ਨਕਾਰ ਦਿੱਤਾ ਹੈ ਅਤੇ ਪੰਜਾਬ ਵਿੱਚ ਵੀ ਇਹੀ ਹਾਲ ਹੋਵੇਗਾ।
ਮਿੱਟੀ ਕਾਰੋਬਾਰੀਆ ਦਾ ਕੰਮ ਨਾ ਚਲਣ ਕਾਰਨ ਕਾਰੋਬਾਰੀਏ ਆਪਣੇ ਭਾਂਡੇ ਵੇਚਣ ਨੂੰ ਤਿਆਰ
ਗੱਡੀਆਂ ਦੀਆਂ ਕਿਸ਼ਤਾਂ ਅਤੇ ਡਰਾਈਵਰਾਂ ਦੀਆਂ ਤਨਖਾਹਾਂ ਦਿਨ ਪ੍ਰਤੀ ਦਿਨ ਚੜ੍ਹ ਰਹੀਆਂ ਹਨ ਸਿਰ 'ਤੇ
ਲੁਧਿਆਣਾ 10 ਫਰਵਰੀ (ਬਿਊਰੋ) ਮਿੱਟੀ ਦੇ ਕਾਰੋਬਾਰ ਨਾਲ ਜੁੜੇ ਕਾਰੋਬਾਰੀਆਂ ਦਾ ਕੰਮ ਨਾ ਚੱਲਣ ਕਾਰਨ ਉਹ ਆਪਣੀਆਂ ਮਸ਼ੀਨਾਂ ਅਤੇ ਗੱਡੀਆਂ ਵੇਚਣ ਲਈ ਮਜ਼ਬੂਰ ਹਨ। ਕਾਰੋਬਾਰੀਆਂ ਨੇ ਕਿਹਾ ਕਿ ਗੱਡੀਆਂ ਦੀਆਂ ਕਿਸ਼ਤਾਂ ਅਤੇ ਡਰਾਈਵਰਾਂ ਦੀਆਂ ਤਨਖਾਹਾਂ ਦਿਨ ਪ੍ਰਤੀ ਦਿਨ ਸਿਰ ਤੇ ਚੜ੍ਹ ਰਹੀਆਂ ਹਨ ਅਤੇ ਸਰਕਾਰ ਨੂੰ ਇਸ ਵੱਲ ਧਿਆਨ ਦੇਣਾ ਚਾਹੀਦਾ ਹੈ।
ਲੁਧਿਆਣਾ 10 ਫਰਵਰੀ (ਬਿਊਰੋ) ਮਿੱਟੀ ਦੇ ਕਾਰੋਬਾਰ ਨਾਲ ਜੁੜੇ ਕਾਰੋਬਾਰੀਆਂ ਦਾ ਕੰਮ ਨਾ ਚੱਲਣ ਕਾਰਨ ਉਹ ਆਪਣੀਆਂ ਮਸ਼ੀਨਾਂ ਅਤੇ ਗੱਡੀਆਂ ਵੇਚਣ ਲਈ ਮਜ਼ਬੂਰ ਹਨ। ਕਾਰੋਬਾਰੀਆਂ ਨੇ ਕਿਹਾ ਕਿ ਗੱਡੀਆਂ ਦੀਆਂ ਕਿਸ਼ਤਾਂ ਅਤੇ ਡਰਾਈਵਰਾਂ ਦੀਆਂ ਤਨਖਾਹਾਂ ਦਿਨ ਪ੍ਰਤੀ ਦਿਨ ਸਿਰ ਤੇ ਚੜ੍ਹ ਰਹੀਆਂ ਹਨ ਅਤੇ ਸਰਕਾਰ ਨੂੰ ਇਸ ਵੱਲ ਧਿਆਨ ਦੇਣਾ ਚਾਹੀਦਾ ਹੈ।
ਜ਼ਮੀਨ ਬਚਾਉਣ ਲਈ ਸੰਗਰਾਮ ਰੈਲੀ ਵਿੱਚ ਸ਼ਾਮਲ ਹੋਣ ਲਈ ਭਾਰਤੀ ਕਿਸਾਨ ਯੂਨੀਅਨ ਏਕਤਾ ਉਗਰਾਹਾਂ ਬਲਾਕ ਸਿੱਧਵਾਂ ਬੇਟ ਮੀਟਿੰਗ ਕੀਤੀ ਗਈ
ਸਿੱਧਵਾਂ ਬੇਟ, 10 ਫਰਵਰੀ (ਬਿਊਰੋ) ਭਾਰਤੀ ਕਿਸਾਨ ਯੂਨੀਅਨ ਏਕਤਾ ਉਗਰਾਹਾਂ ਬਲਾਕ ਸਿੱਧਵਾਂ ਬੇਟ ਦੀ ਮੀਟਿੰਗ ਕੀਤੀ ਗਈ ਜਿਸ ਵਿੱਚ ਜ਼ਮੀਨ ਬਚਾਉਣ ਲਈ ਸੰਗਰਾਮ ਰੈਲੀ ਵਿੱਚ ਵੱਡੀ ਗਿਣਤੀ ਵਿੱਚ ਸ਼ਾਮਲ ਹੋਣ ਦਾ ਫੈਸਲਾ ਲਿਆ ਗਿਆ। ਆਗੂਆਂ ਨੇ ਕਿਸਾਨਾਂ ਨੂੰ ਇਕਜੁੱਟ ਹੋਣ ਦੀ ਅਪੀਲ ਕੀਤੀ।
ਗੁਰਦੁਆਰਾ ਸ਼ਹੀਦਾਂ ਫੇਰੂਮਾਨ ਵਿਖੇ ਸੰਗਤਾਂ ਗੁਰਬਾਣੀ ਦੇ ਰਸਭਿੰਨੇ ਕੀਰਤਨ ਸੁਣ ਕੇ ਹੋਈਆਂ ਨਿਹਾਲ
ਲੁਧਿਆਣਾ, 10 ਫਰਵਰੀ (ਰਵਿੰਦਰ ਸਿੰਘ ਬੱਦੋਵਾਲ) ਗੁਰਦੁਆਰਾ ਸ਼ਹੀਦਾਂ ਫੇਰੂਮਾਨ ਵਿਖੇ ਹਫ਼ਤਾਵਾਰੀ ਕੀਰਤਨ ਸਮਾਗਮ ਕਰਵਾਇਆ ਗਿਆ ਜਿਸ ਵਿੱਚ ਪੰਥ ਪ੍ਰਸਿੱਧ ਰਾਗੀ ਜਥਿਆਂ ਨੇ ਗੁਰਬਾਣੀ ਦਾ ਰਸਭਿੰਨਾ ਕੀਰਤਨ ਕਰਕੇ ਸੰਗਤਾਂ ਨੂੰ ਨਿਹਾਲ ਕੀਤਾ। ਪ੍ਰਬੰਧਕ ਕਮੇਟੀ ਵੱਲੋਂ ਰਾਗੀ ਸਿੰਘਾਂ ਦਾ ਸਨਮਾਨ ਕੀਤਾ ਗਿਆ ਅਤੇ ਗੁਰੂ ਕਾ ਲੰਗਰ ਅਤੁੱਟ ਵਰਤਿਆ।
ਲੁਧਿਆਣਾ, 10 ਫਰਵਰੀ (ਰਵਿੰਦਰ ਸਿੰਘ ਬੱਦੋਵਾਲ) ਗੁਰਦੁਆਰਾ ਸ਼ਹੀਦਾਂ ਫੇਰੂਮਾਨ ਵਿਖੇ ਹਫ਼ਤਾਵਾਰੀ ਕੀਰਤਨ ਸਮਾਗਮ ਕਰਵਾਇਆ ਗਿਆ ਜਿਸ ਵਿੱਚ ਪੰਥ ਪ੍ਰਸਿੱਧ ਰਾਗੀ ਜਥਿਆਂ ਨੇ ਗੁਰਬਾਣੀ ਦਾ ਰਸਭਿੰਨਾ ਕੀਰਤਨ ਕਰਕੇ ਸੰਗਤਾਂ ਨੂੰ ਨਿਹਾਲ ਕੀਤਾ। ਪ੍ਰਬੰਧਕ ਕਮੇਟੀ ਵੱਲੋਂ ਰਾਗੀ ਸਿੰਘਾਂ ਦਾ ਸਨਮਾਨ ਕੀਤਾ ਗਿਆ ਅਤੇ ਗੁਰੂ ਕਾ ਲੰਗਰ ਅਤੁੱਟ ਵਰਤਿਆ।
ਲੁਧਿਆਣਾ, 10 ਫਰਵਰੀ (ਰਵਿੰਦਰ ਸਿੰਘ ਬੱਦੋਵਾਲ) ਗੁਰਦੁਆਰਾ ਸ਼ਹੀਦਾਂ ਫੇਰੂਮਾਨ ਵਿਖੇ ਹਫ਼ਤਾਵਾਰੀ ਕੀਰਤਨ ਸਮਾਗਮ ਕਰਵਾਇਆ ਗਿਆ ਜਿਸ ਵਿੱਚ ਪੰਥ ਪ੍ਰਸਿੱਧ ਰਾਗੀ ਜਥਿਆਂ ਨੇ ਗੁਰਬਾਣੀ ਦਾ ਰਸਭਿੰਨਾ ਕੀਰਤਨ ਕਰਕੇ ਸੰਗਤਾਂ ਨੂੰ ਨਿਹਾਲ ਕੀਤਾ। ਪ੍ਰਬੰਧਕ ਕਮੇਟੀ ਵੱਲੋਂ ਰਾਗੀ ਸਿੰਘਾਂ ਦਾ ਸਨਮਾਨ ਕੀਤਾ ਗਿਆ ਅਤੇ ਗੁਰੂ ਕਾ ਲੰਗਰ ਅਤੁੱਟ ਵਰਤਿਆ।
